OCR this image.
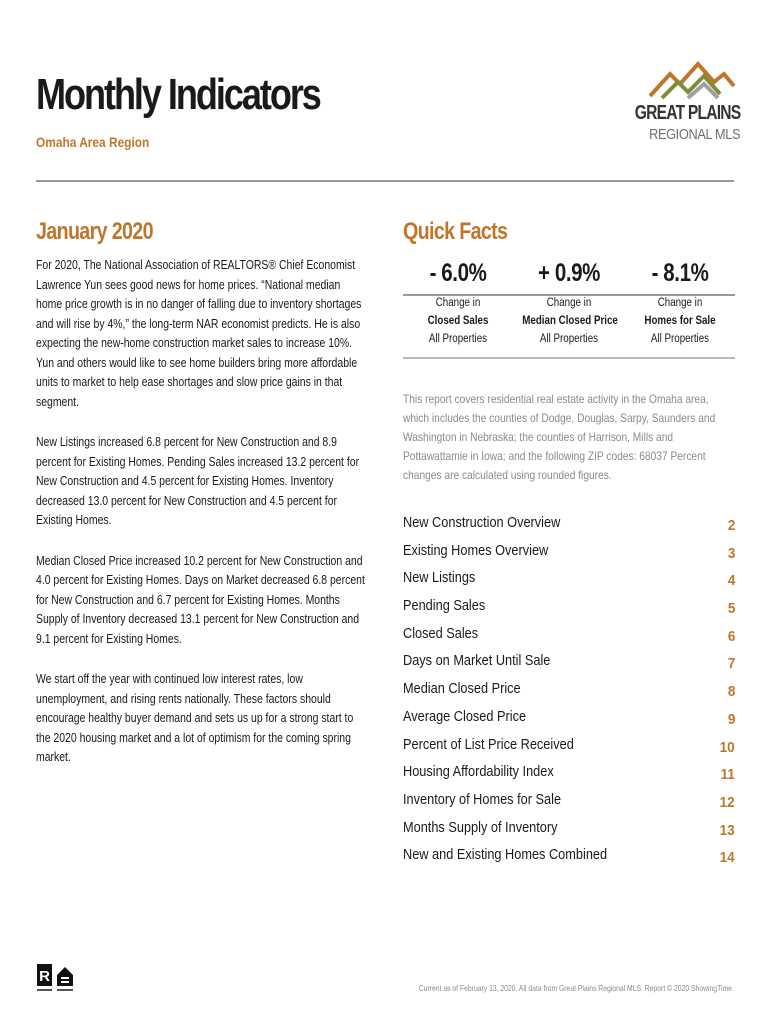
Monthly Indicators
Omaha Area Region
GREAT PLAINS
REGIONAL MLS
January 2020	Quick Facts

For 2020, The National Association of REALTORS® Chief Economist Lawrence Yun sees good news for home prices. “National median home price growth is in no danger of falling due to inventory shortages and will rise by 4%,” the long-term NAR economist predicts. He is also expecting the new-home construction market sales to increase 10%. Yun and others would like to see home builders bring more affordable units to market to help ease shortages and slow price gains in that segment.

New Listings increased 6.8 percent for New Construction and 8.9 percent for Existing Homes. Pending Sales increased 13.2 percent for New Construction and 4.5 percent for Existing Homes. Inventory decreased 13.0 percent for New Construction and 4.5 percent for Existing Homes.

Median Closed Price increased 10.2 percent for New Construction and 4.0 percent for Existing Homes. Days on Market decreased 6.8 percent for New Construction and 6.7 percent for Existing Homes. Months Supply of Inventory decreased 13.1 percent for New Construction and 9.1 percent for Existing Homes.

We start off the year with continued low interest rates, low unemployment, and rising rents nationally. These factors should encourage healthy buyer demand and sets us up for a strong start to the 2020 housing market and a lot of optimism for the coming spring market.

- 6.0%
Change in
Closed Sales
All Properties
+ 0.9%
Change in
Median Closed Price
All Properties
- 8.1%
Change in
Homes for Sale
All Properties
This report covers residential real estate activity in the Omaha area, which includes the counties of Dodge, Douglas, Sarpy, Saunders and Washington in Nebraska; the counties of Harrison, Mills and Pottawattamie in Iowa; and the following ZIP codes: 68037 Percent changes are calculated using rounded figures.
New Construction Overview	2
Existing Homes Overview	3
New Listings	4
Pending Sales	5
Closed Sales	6
Days on Market Until Sale	7
Median Closed Price	8
Average Closed Price	9
Percent of List Price Received	10
Housing Affordability Index	11
Inventory of Homes for Sale	12
Months Supply of Inventory	13
New and Existing Homes Combined	14
R
Current as of February 13, 2020. All data from Great Plains Regional MLS. Report © 2020 ShowingTime.
